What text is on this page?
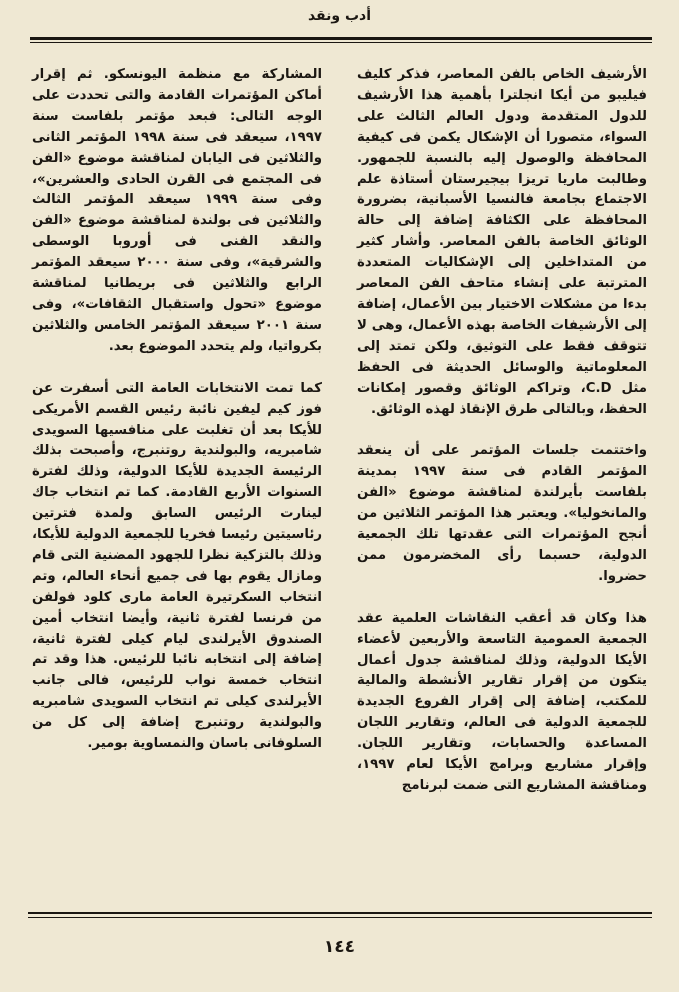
أدب ونقد

الأرشيف الخاص بالفن المعاصر، فذكر كليف فيليبو من أيكا انجلترا بأهمية هذا الأرشيف للدول المتقدمة ودول العالم الثالث على السواء، متصورا أن الإشكال يكمن فى كيفية المحافظة والوصول إليه بالنسبة للجمهور. وطالبت ماريا تريزا بيجيرستان أستاذة علم الاجتماع بجامعة فالنسيا الأسبانية، بضرورة المحافظة على الكثافة إضافة إلى حالة الوثائق الخاصة بالفن المعاصر. وأشار كثير من المتداخلين إلى الإشكاليات المتعددة المترتبة على إنشاء متاحف الفن المعاصر بدءا من مشكلات الاختيار بين الأعمال، إضافة إلى الأرشيفات الخاصة بهذه الأعمال، وهى لا تتوقف فقط على التوثيق، ولكن تمتد إلى المعلوماتية والوسائل الحديثة فى الحفظ مثل C.D، وتراكم الوثائق وقصور إمكانات الحفظ، وبالتالى طرق الإنقاذ لهذه الوثائق.

واختتمت جلسات المؤتمر على أن ينعقد المؤتمر القادم فى سنة ١٩٩٧ بمدينة بلفاست بأيرلندة لمناقشة موضوع «الفن والمانخوليا». ويعتبر هذا المؤتمر الثلاثين من أنجح المؤتمرات التى عقدتها تلك الجمعية الدولية، حسبما رأى المخضرمون ممن حضروا.

هذا وكان قد أعقب النقاشات العلمية عقد الجمعية العمومية التاسعة والأربعين لأعضاء الأيكا الدولية، وذلك لمناقشة جدول أعمال يتكون من إقرار تقارير الأنشطة والمالية للمكتب، إضافة إلى إقرار الفروع الجديدة للجمعية الدولية فى العالم، وتقارير اللجان المساعدة والحسابات، وتقارير اللجان. وإقرار مشاريع وبرامج الأيكا لعام ١٩٩٧، ومناقشة المشاريع التى ضمت لبرنامج

المشاركة مع منظمة اليونسكو. ثم إقرار أماكن المؤتمرات القادمة والتى تحددت على الوجه التالى: فبعد مؤتمر بلفاست سنة ١٩٩٧، سيعقد فى سنة ١٩٩٨ المؤتمر الثانى والثلاثين فى اليابان لمناقشة موضوع «الفن فى المجتمع فى القرن الحادى والعشرين»، وفى سنة ١٩٩٩ سيعقد المؤتمر الثالث والثلاثين فى بولندة لمناقشة موضوع «الفن والنقد الفنى فى أوروبا الوسطى والشرقية»، وفى سنة ٢٠٠٠ سيعقد المؤتمر الرابع والثلاثين فى بريطانيا لمناقشة موضوع «تحول واستقبال الثقافات»، وفى سنة ٢٠٠١ سيعقد المؤتمر الخامس والثلاثين بكرواتيا، ولم يتحدد الموضوع بعد.

كما تمت الانتخابات العامة التى أسفرت عن فوز كيم ليفين نائبة رئيس القسم الأمريكى للأيكا بعد أن تغلبت على منافسيها السويدى شامبريه، والبولندية روتنبرج، وأصبحت بذلك الرئيسة الجديدة للأيكا الدولية، وذلك لفترة السنوات الأربع القادمة. كما تم انتخاب جاك لينارت الرئيس السابق ولمدة فترتين رئاسيتين رئيسا فخريا للجمعية الدولية للأيكا، وذلك بالتزكية نظرا للجهود المضنية التى قام ومازال يقوم بها فى جميع أنحاء العالم، وتم انتخاب السكرتيرة العامة مارى كلود فولفن من فرنسا لفترة ثانية، وأيضا انتخاب أمين الصندوق الأيرلندى ليام كيلى لفترة ثانية، إضافة إلى انتخابه نائبا للرئيس. هذا وقد تم انتخاب خمسة نواب للرئيس، فالى جانب الأيرلندى كيلى تم انتخاب السويدى شامبريه والبولندية روتنبرج إضافة إلى كل من السلوفانى باسان والنمساوية بومير.

١٤٤
